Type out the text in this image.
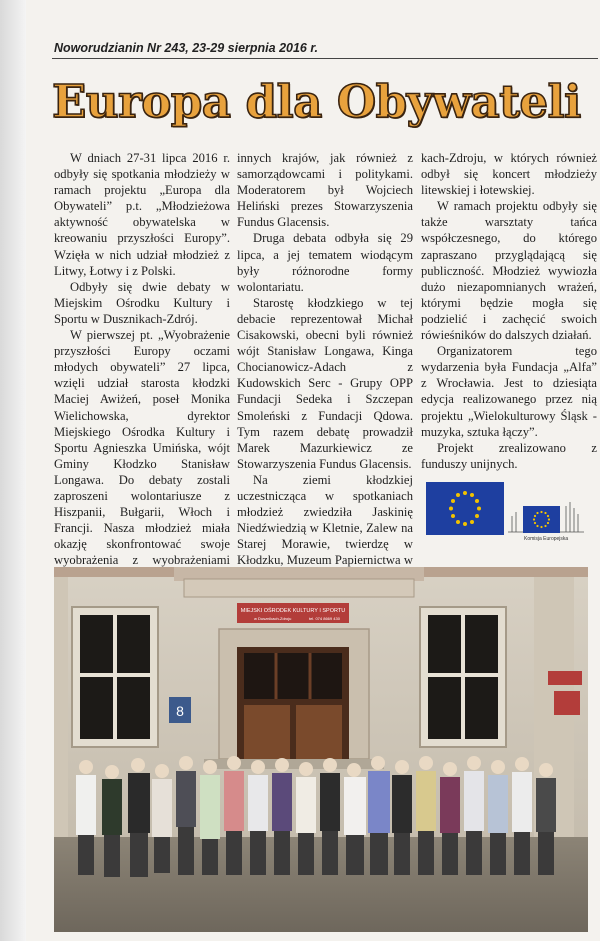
Noworudzianin Nr 243, 23-29 sierpnia 2016 r.
Europa dla Obywateli

W dniach 27-31 lipca 2016 r. odbyły się spotkania młodzieży w ramach projektu „Europa dla Obywateli” p.t. „Młodzieżowa aktywność obywatelska w kreowaniu przyszłości Europy”. Wzięła w nich udział młodzież z Litwy, Łotwy i z Polski.

Odbyły się dwie debaty w Miejskim Ośrodku Kultury i Sportu w Dusznikach-Zdrój.

W pierwszej pt. „Wyobrażenie przyszłości Europy oczami młodych obywateli” 27 lipca, wzięli udział starosta kłodzki Maciej Awiżeń, poseł Monika Wielichowska, dyrektor Miejskiego Ośrodka Kultury i Sportu Agnieszka Umińska, wójt Gminy Kłodzko Stanisław Longawa. Do debaty zostali zaproszeni wolontariusze z Hiszpanii, Bułgarii, Włoch i Francji. Nasza młodzież miała okazję skonfrontować swoje wyobrażenia z wyobrażeniami

innych krajów, jak również z samorządowcami i politykami. Moderatorem był Wojciech Heliński prezes Stowarzyszenia Fundus Glacensis.

Druga debata odbyła się 29 lipca, a jej tematem wiodącym były różnorodne formy wolontariatu.

Starostę kłodzkiego w tej debacie reprezentował Michał Cisakowski, obecni byli również wójt Stanisław Longawa, Kinga Chocianowicz-Adach z Kudowskich Serc - Grupy OPP Fundacji Sedeka i Szczepan Smoleński z Fundacji Qdowa. Tym razem debatę prowadził Marek Mazurkiewicz ze Stowarzyszenia Fundus Glacensis.

Na ziemi kłodzkiej uczestnicząca w spotkaniach młodzież zwiedziła Jaskinię Niedźwiedzią w Kletnie, Zalew na Starej Morawie, twierdzę w Kłodzku, Muzeum Papiernictwa w

kach-Zdroju, w których również odbył się koncert młodzieży litewskiej i łotewskiej.

W ramach projektu odbyły się także warsztaty tańca współczesnego, do którego zapraszano przyglądającą się publiczność. Młodzież wywiozła dużo niezapomnianych wrażeń, którymi będzie mogła się podzielić i zachęcić swoich rówieśników do dalszych działań.

Organizatorem tego wydarzenia była Fundacja „Alfa” z Wrocławia. Jest to dziesiąta edycja realizowanego przez nią projektu „Wielokulturowy Śląsk - muzyka, sztuka łączy”.

Projekt zrealizowano z funduszy unijnych.

Komisja Europejska
MIEJSKI OŚRODEK KULTURY I SPORTU
w Dusznikach-Zdroju	tel. 074 8669 430
8
